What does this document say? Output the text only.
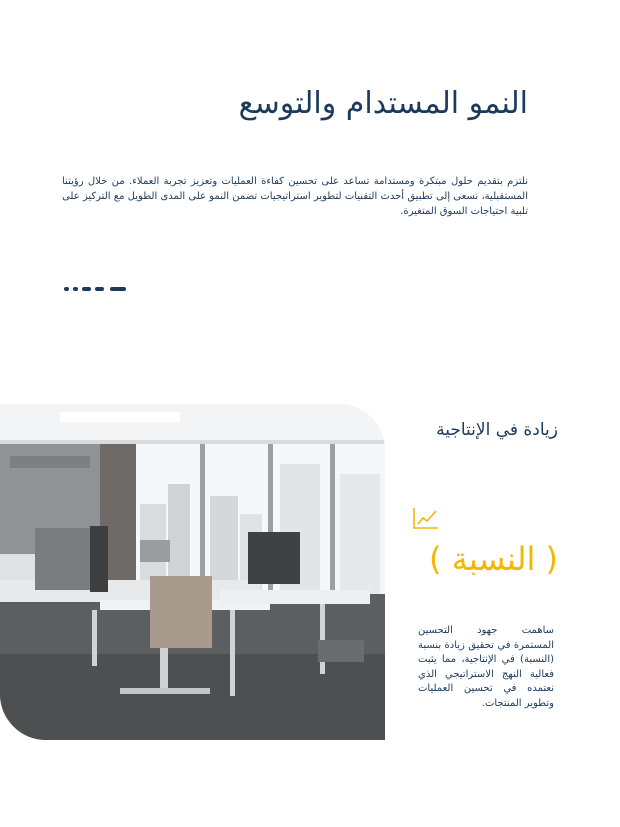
النمو المستدام والتوسع

نلتزم بتقديم حلول مبتكرة ومستدامة تساعد على تحسين كفاءة العمليات وتعزيز تجربة العملاء. من خلال رؤيتنا المستقبلية، نسعى إلى تطبيق أحدث التقنيات لتطوير استراتيجيات تضمن النمو على المدى الطويل مع التركيز على تلبية احتياجات السوق المتغيرة.

زيادة في الإنتاجية

( النسبة )

ساهمت جهود التحسين المستمرة في تحقيق زيادة بنسبة (النسبة) في الإنتاجية، مما يثبت فعالية النهج الاستراتيجي الذي نعتمده في تحسين العمليات وتطوير المنتجات.
